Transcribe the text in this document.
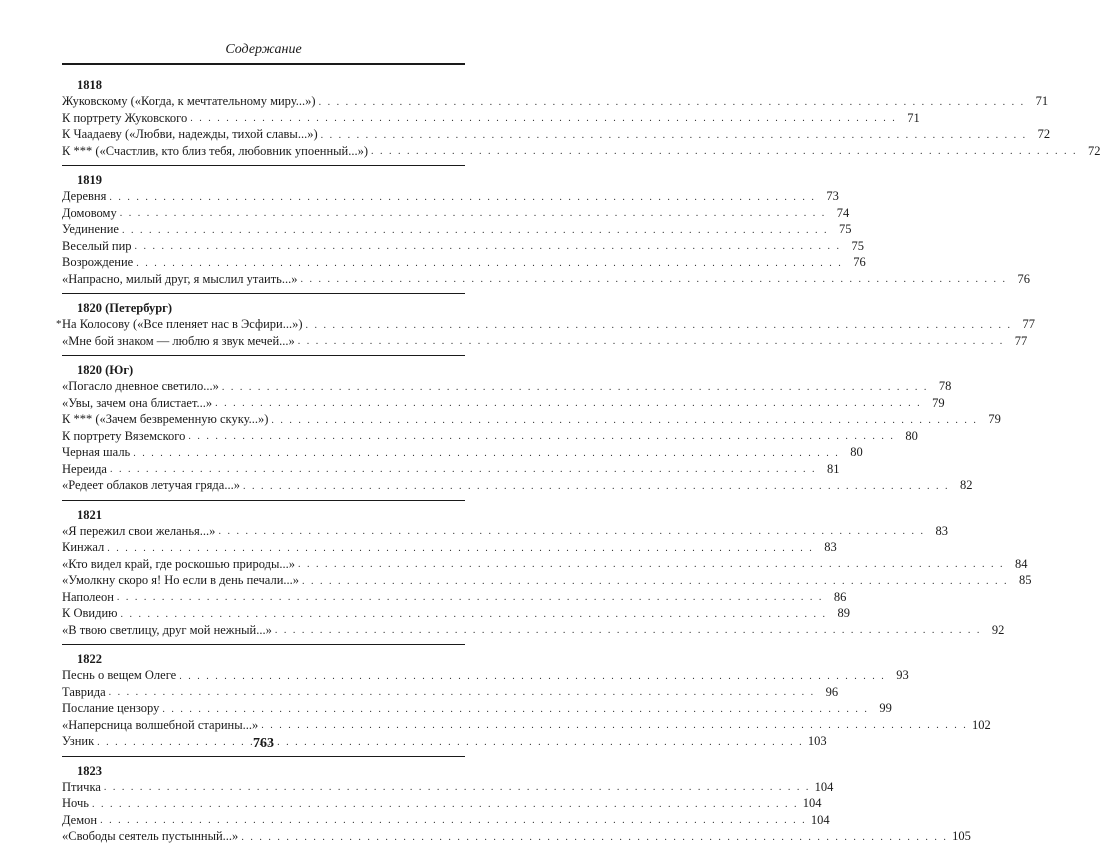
Содержание
1818
Жуковскому («Когда, к мечтательному миру...») . . .	71
К портрету Жуковского . . .	71
К Чаадаеву («Любви, надежды, тихой славы...») . . .	72
К *** («Счастлив, кто близ тебя, любовник упоенный...») . . .	72
1819
Деревня . . .	73
Домовому . . .	74
Уединение . . .	75
Веселый пир . . .	75
Возрождение . . .	76
«Напрасно, милый друг, я мыслил утаить...» . . .	76
1820 (Петербург)
* На Колосову («Все пленяет нас в Эсфири...») . . .	77
«Мне бой знаком — люблю я звук мечей...» . . .	77
1820 (Юг)
«Погасло дневное светило...» . . .	78
«Увы, зачем она блистает...» . . .	79
К *** («Зачем безвременную скуку...») . . .	79
К портрету Вяземского . . .	80
Черная шаль . . .	80
Нереида . . .	81
«Редеет облаков летучая гряда...» . . .	82
1821
«Я пережил свои желанья...» . . .	83
Кинжал . . .	83
«Кто видел край, где роскошью природы...» . . .	84
«Умолкну скоро я! Но если в день печали...» . . .	85
Наполеон . . .	86
К Овидию . . .	89
«В твою светлицу, друг мой нежный...» . . .	92
1822
Песнь о вещем Олеге . . .	93
Таврида . . .	96
Послание цензору . . .	99
«Наперсница волшебной старины...» . . .	102
Узник . . .	103
1823
Птичка . . .	104
Ночь . . .	104
Демон . . .	104
«Свободы сеятель пустынный...» . . .	105
763
